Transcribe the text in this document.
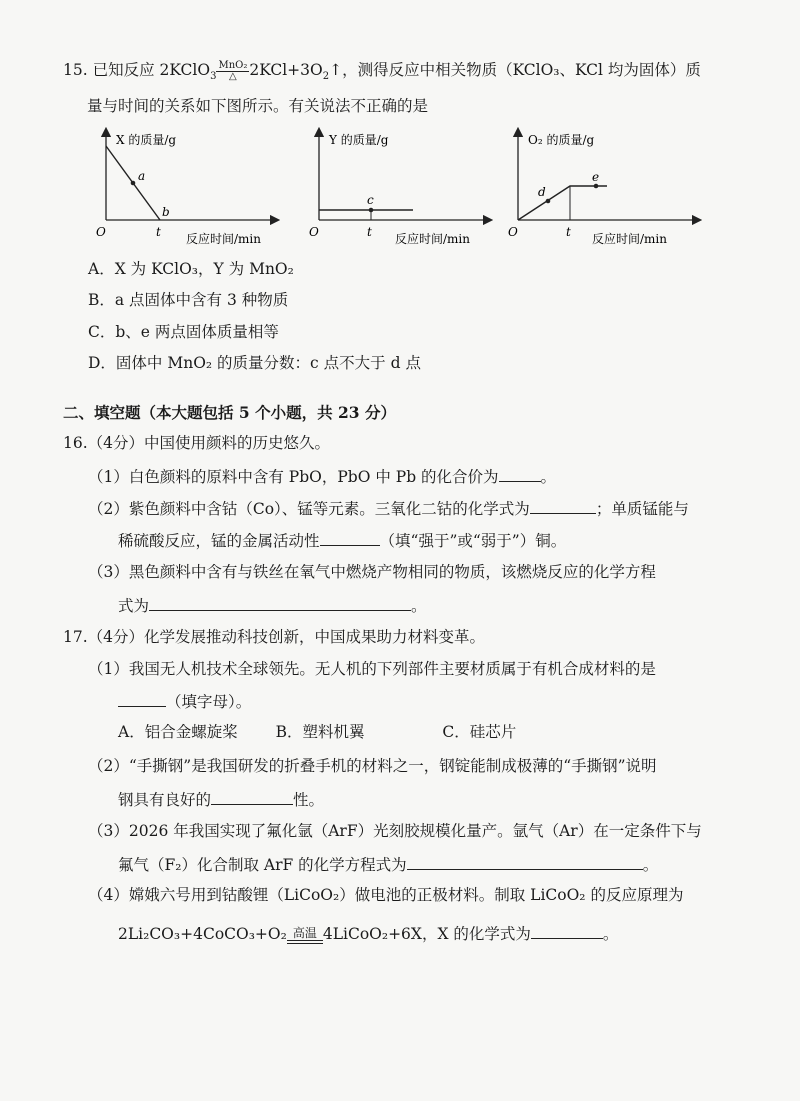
15. 已知反应 2KClO$_3$
MnO₂
△ $2KCl+3O_2↑$，测得反应中相关物质（KClO₃、KCl 均为固体）质
量与时间的关系如下图所示。有关说法不正确的是
X 的质量/g
a
b
O	t 反应时间/min
Y 的质量/g
c
O	t 反应时间/min
O₂ 的质量/g
d
e
O	t 反应时间/min
A．X 为 KClO₃，Y 为 MnO₂
B．a 点固体中含有 3 种物质
C．b、e 两点固体质量相等
D．固体中 MnO₂ 的质量分数：c 点不大于 d 点
二、填空题（本大题包括 5 个小题，共 23 分）
16.（4分）中国使用颜料的历史悠久。
（1）白色颜料的原料中含有 PbO，PbO 中 Pb 的化合价为	。
（2）紫色颜料中含钴（Co）、锰等元素。三氧化二钴的化学式为	；单质锰能与
稀硫酸反应，锰的金属活动性	（填“强于”或“弱于”）铜。
（3）黑色颜料中含有与铁丝在氧气中燃烧产物相同的物质，该燃烧反应的化学方程
式为	。
17.（4分）化学发展推动科技创新，中国成果助力材料变革。
（1）我国无人机技术全球领先。无人机的下列部件主要材质属于有机合成材料的是
（填字母）。
A．铝合金螺旋桨 B．塑料机翼	C．硅芯片
（2）“手撕钢”是我国研发的折叠手机的材料之一，钢锭能制成极薄的“手撕钢”说明
钢具有良好的	性。
（3）2026 年我国实现了氟化氩（ArF）光刻胶规模化量产。氩气（Ar）在一定条件下与
氟气（F₂）化合制取 ArF 的化学方程式为	。
（4）嫦娥六号用到钴酸锂（LiCoO₂）做电池的正极材料。制取 LiCoO₂ 的反应原理为
2Li₂CO₃+4CoCO₃+O₂ 高温 4LiCoO₂+6X，X 的化学式为	。
